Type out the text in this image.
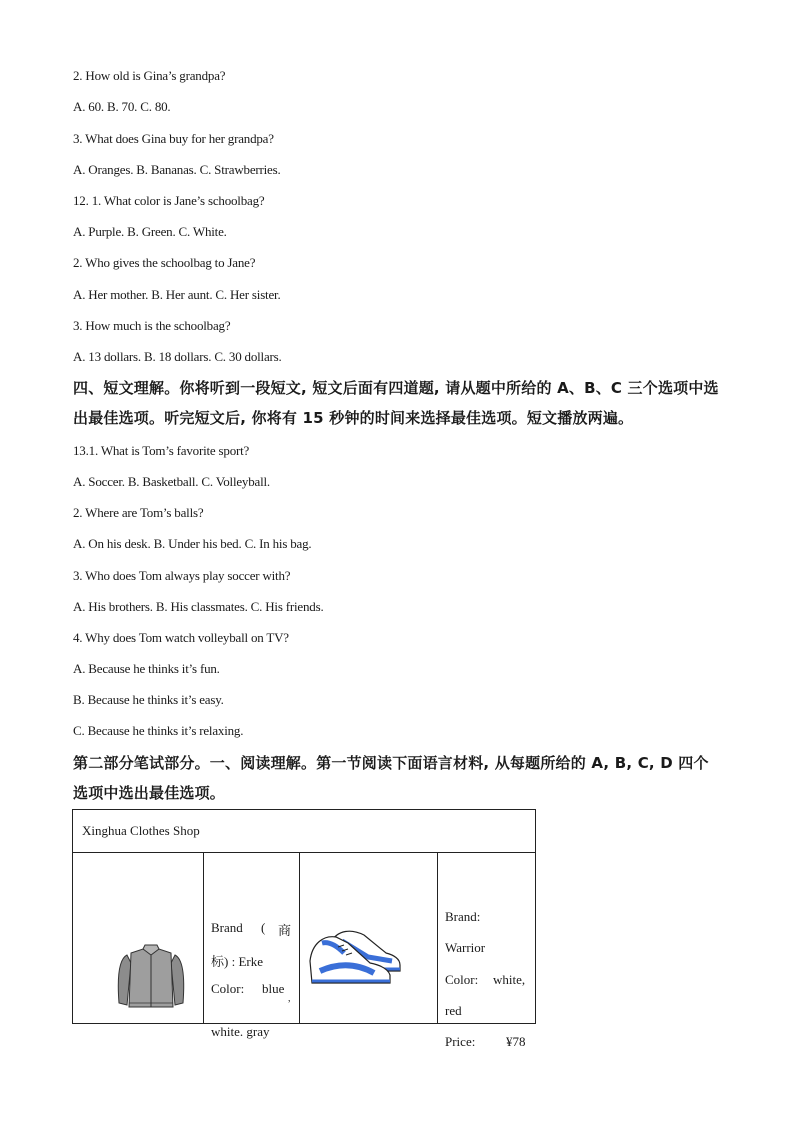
2. How old is Gina’s grandpa?
A. 60. B. 70. C. 80.
3. What does Gina buy for her grandpa?
A. Oranges. B. Bananas. C. Strawberries.
12. 1. What color is Jane’s schoolbag?
A. Purple. B. Green. C. White.
2. Who gives the schoolbag to Jane?
A. Her mother. B. Her aunt. C. Her sister.
3. How much is the schoolbag?
A. 13 dollars. B. 18 dollars. C. 30 dollars.
四、短文理解。你将听到一段短文, 短文后面有四道题, 请从题中所给的 A、B、C 三个选项中选出最佳选项。听完短文后, 你将有 15 秒钟的时间来选择最佳选项。短文播放两遍。
13.1. What is Tom’s favorite sport?
A. Soccer. B. Basketball. C. Volleyball.
2. Where are Tom’s balls?
A. On his desk. B. Under his bed. C. In his bag.
3. Who does Tom always play soccer with?
A. His brothers. B. His classmates. C. His friends.
4. Why does Tom watch volleyball on TV?
A. Because he thinks it’s fun.
B. Because he thinks it’s easy.
C. Because he thinks it’s relaxing.
第二部分笔试部分。一、阅读理解。第一节阅读下面语言材料, 从每题所给的 A, B, C, D 四个选项中选出最佳选项。
Xinghua Clothes Shop

Brand ( 商
标) : Erke
Color: blue
,
white. gray

Brand:
Warrior
Color: white,
red
Price: ¥78
